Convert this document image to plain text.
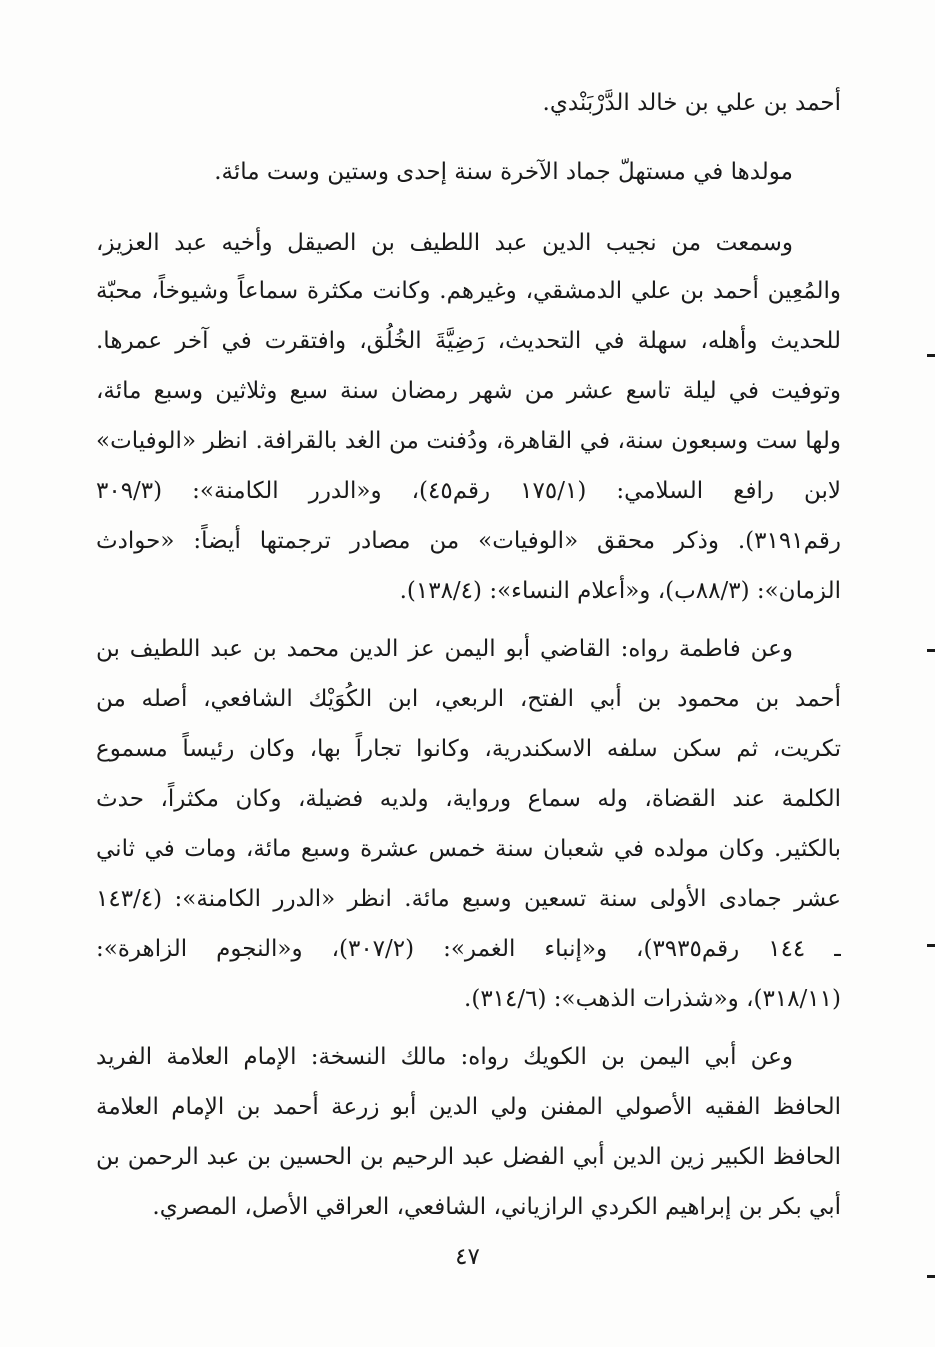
أحمد بن علي بن خالد الدَّرْبَنْدي.
مولدها في مستهلّ جماد الآخرة سنة إحدى وستين وست مائة.
وسمعت من نجيب الدين عبد اللطيف بن الصيقل وأخيه عبد العزيز،
والمُعِين أحمد بن علي الدمشقي، وغيرهم. وكانت مكثرة سماعاً وشيوخاً، محبّة
للحديث وأهله، سهلة في التحديث، رَضِيَّةَ الخُلُق، وافتقرت في آخر عمرها.
وتوفيت في ليلة تاسع عشر من شهر رمضان سنة سبع وثلاثين وسبع مائة،
ولها ست وسبعون سنة، في القاهرة، ودُفنت من الغد بالقرافة. انظر «الوفيات»
لابن رافع السلامي: (١٧٥/١ رقم٤٥)، و«الدرر الكامنة»: (٣٠٩/٣
رقم٣١٩١). وذكر محقق «الوفيات» من مصادر ترجمتها أيضاً: «حوادث
الزمان»: (٨٨/٣ب)، و«أعلام النساء»: (١٣٨/٤).
وعن فاطمة رواه: القاضي أبو اليمن عز الدين محمد بن عبد اللطيف بن
أحمد بن محمود بن أبي الفتح، الربعي، ابن الكُوَيْك الشافعي، أصله من
تكريت، ثم سكن سلفه الاسكندرية، وكانوا تجاراً بها، وكان رئيساً مسموع
الكلمة عند القضاة، وله سماع ورواية، ولديه فضيلة، وكان مكثراً، حدث
بالكثير. وكان مولده في شعبان سنة خمس عشرة وسبع مائة، ومات في ثاني
عشر جمادى الأولى سنة تسعين وسبع مائة. انظر «الدرر الكامنة»: (١٤٣/٤
ـ ١٤٤ رقم٣٩٣٥)، و«إنباء الغمر»: (٣٠٧/٢)، و«النجوم الزاهرة»:
(٣١٨/١١)، و«شذرات الذهب»: (٣١٤/٦).
وعن أبي اليمن بن الكويك رواه: مالك النسخة: الإمام العلامة الفريد
الحافظ الفقيه الأصولي المفنن ولي الدين أبو زرعة أحمد بن الإمام العلامة
الحافظ الكبير زين الدين أبي الفضل عبد الرحيم بن الحسين بن عبد الرحمن بن
أبي بكر بن إبراهيم الكردي الرازياني، الشافعي، العراقي الأصل، المصري.
٤٧
